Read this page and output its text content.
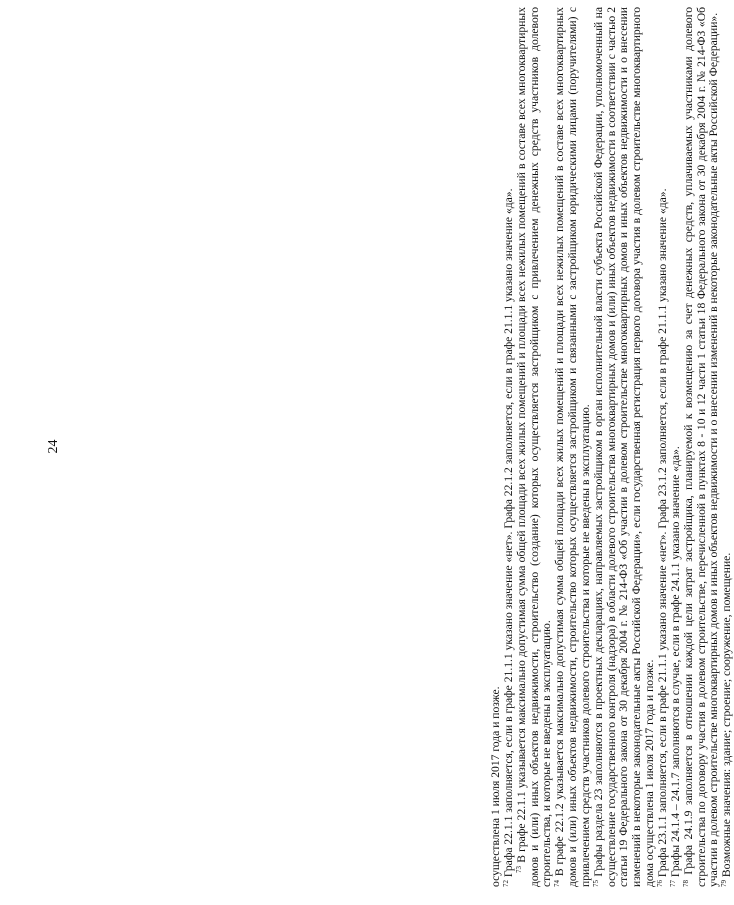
24

осуществлена 1 июля 2017 года и позже. $^{72}$ Графа 22.1.1 заполняется, если в графе 21.1.1 указано значение «нет». Графа 22.1.2 заполняется, если в графе 21.1.1 указано значение «да». $^{73}$ В графе 22.1.1 указывается максимально допустимая сумма общей площади всех жилых помещений и площади всех нежилых помещений в составе всех многоквартирных домов и (или) иных объектов недвижимости, строительство (создание) которых осуществляется застройщиком с привлечением денежных средств участников долевого строительства, и которые не введены в эксплуатацию. $^{74}$ В графе 22.1.2 указывается максимально допустимая сумма общей площади всех жилых помещений и площади всех нежилых помещений в составе всех многоквартирных домов и (или) иных объектов недвижимости, строительство которых осуществляется застройщиком и связанными с застройщиком юридическими лицами (поручителями) с привлечением средств участников долевого строительства и которые не введены в эксплуатацию. $^{75}$ Графы раздела 23 заполняются в проектных декларациях, направляемых застройщиком в орган исполнительной власти субъекта Российской Федерации, уполномоченный на осуществление государственного контроля (надзора) в области долевого строительства многоквартирных домов и (или) иных объектов недвижимости в соответствии с частью 2 статьи 19 Федерального закона от 30 декабря 2004 г. № 214-ФЗ «Об участии в долевом строительстве многоквартирных домов и иных объектов недвижимости и о внесении изменений в некоторые законодательные акты Российской Федерации», если государственная регистрация первого договора участия в долевом строительстве многоквартирного дома осуществлена 1 июля 2017 года и позже. $^{76}$ Графа 23.1.1 заполняется, если в графе 21.1.1 указано значение «нет». Графа 23.1.2 заполняется, если в графе 21.1.1 указано значение «да».

$^{77}$ Графы 24.1.4 – 24.1.7 заполняются в случае, если в графе 24.1.1 указано значение «да».

$^{78}$ Графа 24.1.9 заполняется в отношении каждой цели затрат застройщика, планируемой к возмещению за счет денежных средств, уплачиваемых участниками долевого строительства по договору участия в долевом строительстве, перечисленной в пунктах 8 - 10 и 12 части 1 статьи 18 Федерального закона от 30 декабря 2004 г. № 214-ФЗ «Об участии в долевом строительстве многоквартирных домов и иных объектов недвижимости и о внесении изменений в некоторые законодательные акты Российской Федерации». $^{79}$ Возможные значения: здание; строение; сооружение, помещение.
